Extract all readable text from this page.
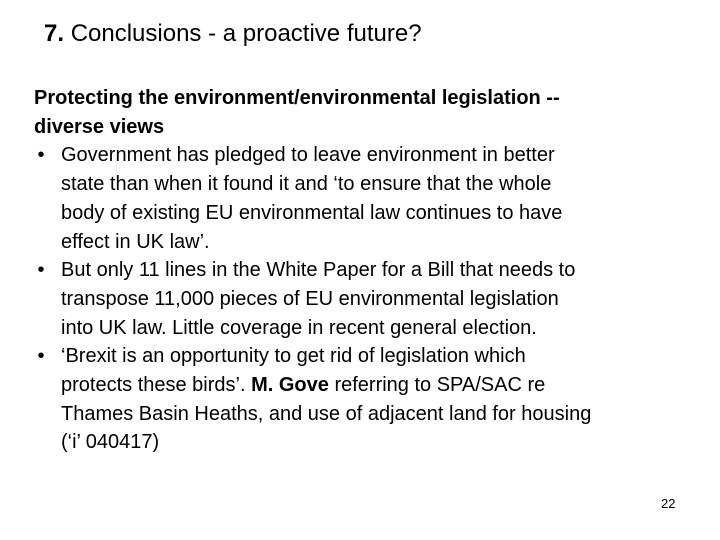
7. Conclusions - a proactive future?

Protecting the environment/environmental legislation --
diverse views

• Government has pledged to leave environment in better
state than when it found it and ‘to ensure that the whole
body of existing EU environmental law continues to have
effect in UK law’.
• But only 11 lines in the White Paper for a Bill that needs to
transpose 11,000 pieces of EU environmental legislation
into UK law. Little coverage in recent general election.
• ‘Brexit is an opportunity to get rid of legislation which
protects these birds’. M. Gove referring to SPA/SAC re
Thames Basin Heaths, and use of adjacent land for housing
(‘i’ 040417)
22
